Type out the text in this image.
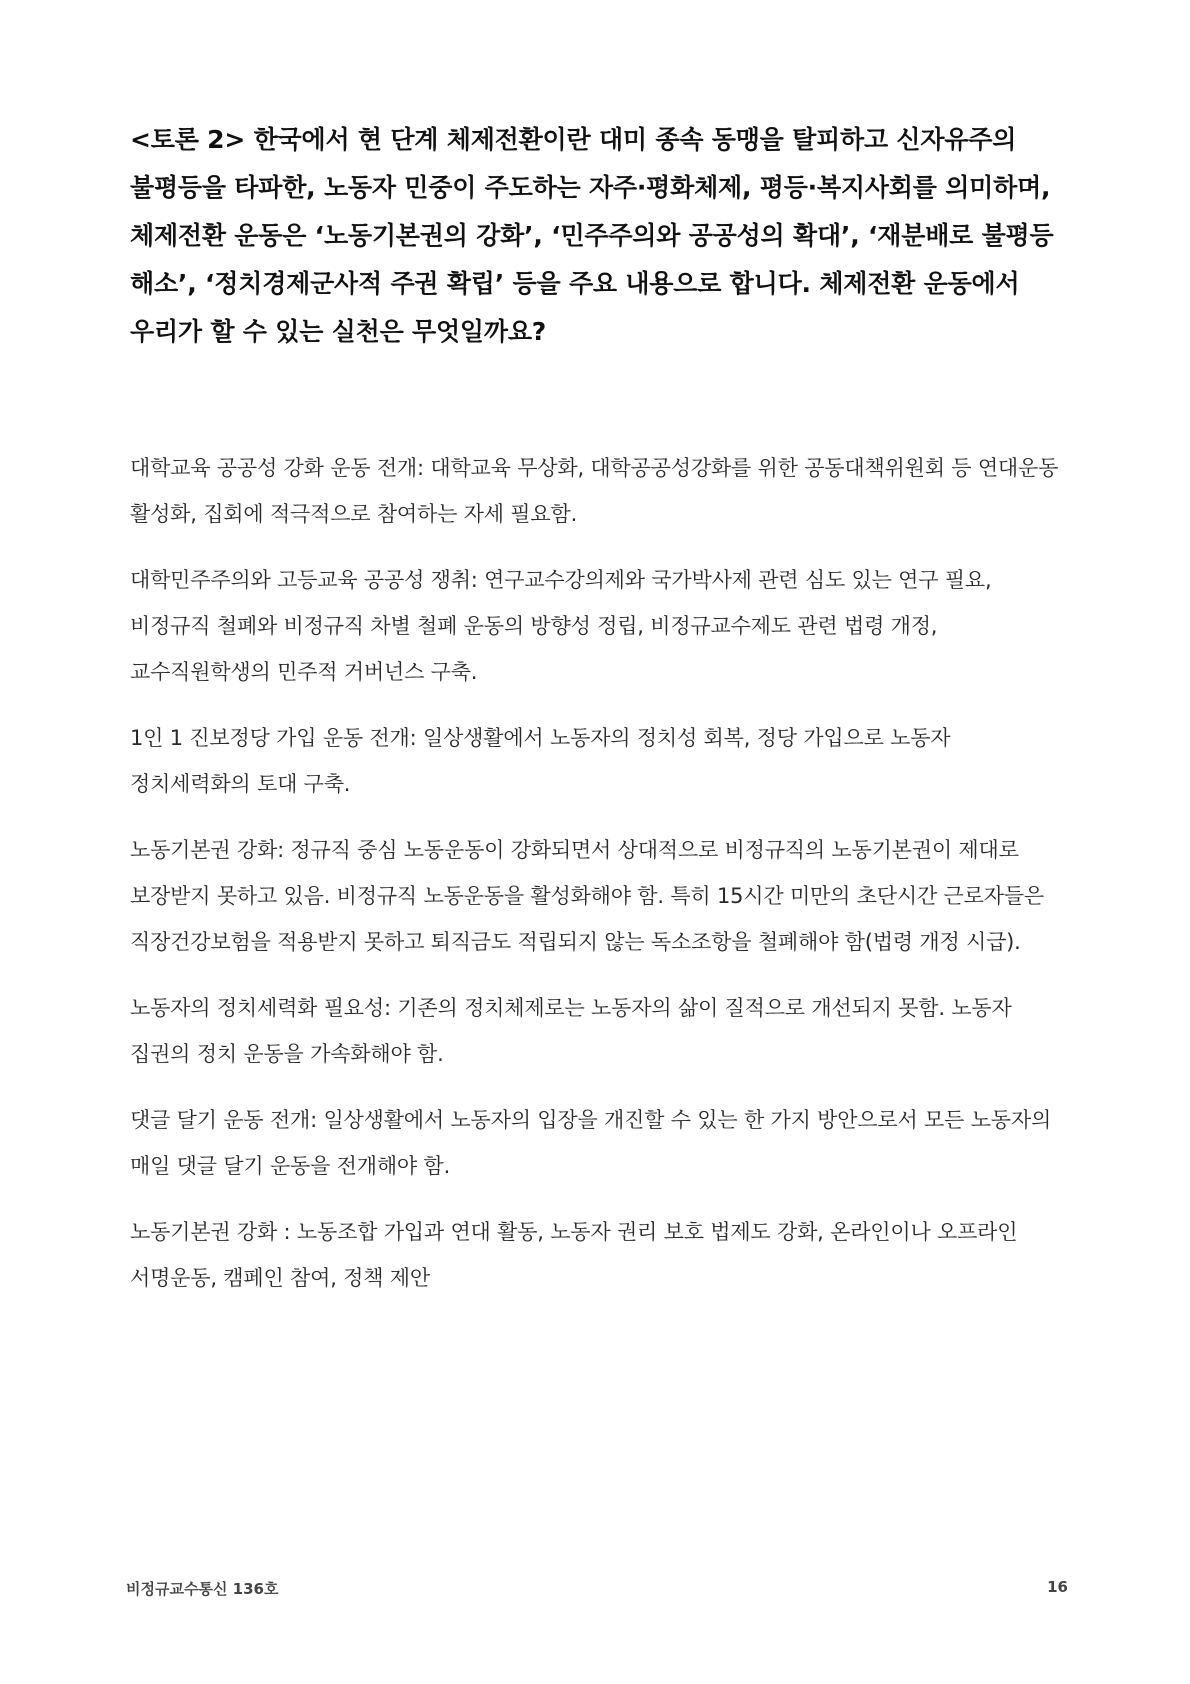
<토론 2> 한국에서 현 단계 체제전환이란 대미 종속 동맹을 탈피하고 신자유주의 불평등을 타파한, 노동자 민중이 주도하는 자주·평화체제, 평등·복지사회를 의미하며, 체제전환 운동은 ‘노동기본권의 강화’, ‘민주주의와 공공성의 확대’, ‘재분배로 불평등 해소’, ‘정치경제군사적 주권 확립’ 등을 주요 내용으로 합니다. 체제전환 운동에서 우리가 할 수 있는 실천은 무엇일까요?

대학교육 공공성 강화 운동 전개: 대학교육 무상화, 대학공공성강화를 위한 공동대책위원회 등 연대운동 활성화, 집회에 적극적으로 참여하는 자세 필요함.

대학민주주의와 고등교육 공공성 쟁취: 연구교수강의제와 국가박사제 관련 심도 있는 연구 필요, 비정규직 철폐와 비정규직 차별 철폐 운동의 방향성 정립, 비정규교수제도 관련 법령 개정, 교수직원학생의 민주적 거버넌스 구축.

1인 1 진보정당 가입 운동 전개: 일상생활에서 노동자의 정치성 회복, 정당 가입으로 노동자 정치세력화의 토대 구축.

노동기본권 강화: 정규직 중심 노동운동이 강화되면서 상대적으로 비정규직의 노동기본권이 제대로 보장받지 못하고 있음. 비정규직 노동운동을 활성화해야 함. 특히 15시간 미만의 초단시간 근로자들은 직장건강보험을 적용받지 못하고 퇴직금도 적립되지 않는 독소조항을 철폐해야 함(법령 개정 시급).

노동자의 정치세력화 필요성: 기존의 정치체제로는 노동자의 삶이 질적으로 개선되지 못함. 노동자 집권의 정치 운동을 가속화해야 함.

댓글 달기 운동 전개: 일상생활에서 노동자의 입장을 개진할 수 있는 한 가지 방안으로서 모든 노동자의 매일 댓글 달기 운동을 전개해야 함.

노동기본권 강화 : 노동조합 가입과 연대 활동, 노동자 권리 보호 법제도 강화, 온라인이나 오프라인 서명운동, 캠페인 참여, 정책 제안

비정규교수통신 136호	16
